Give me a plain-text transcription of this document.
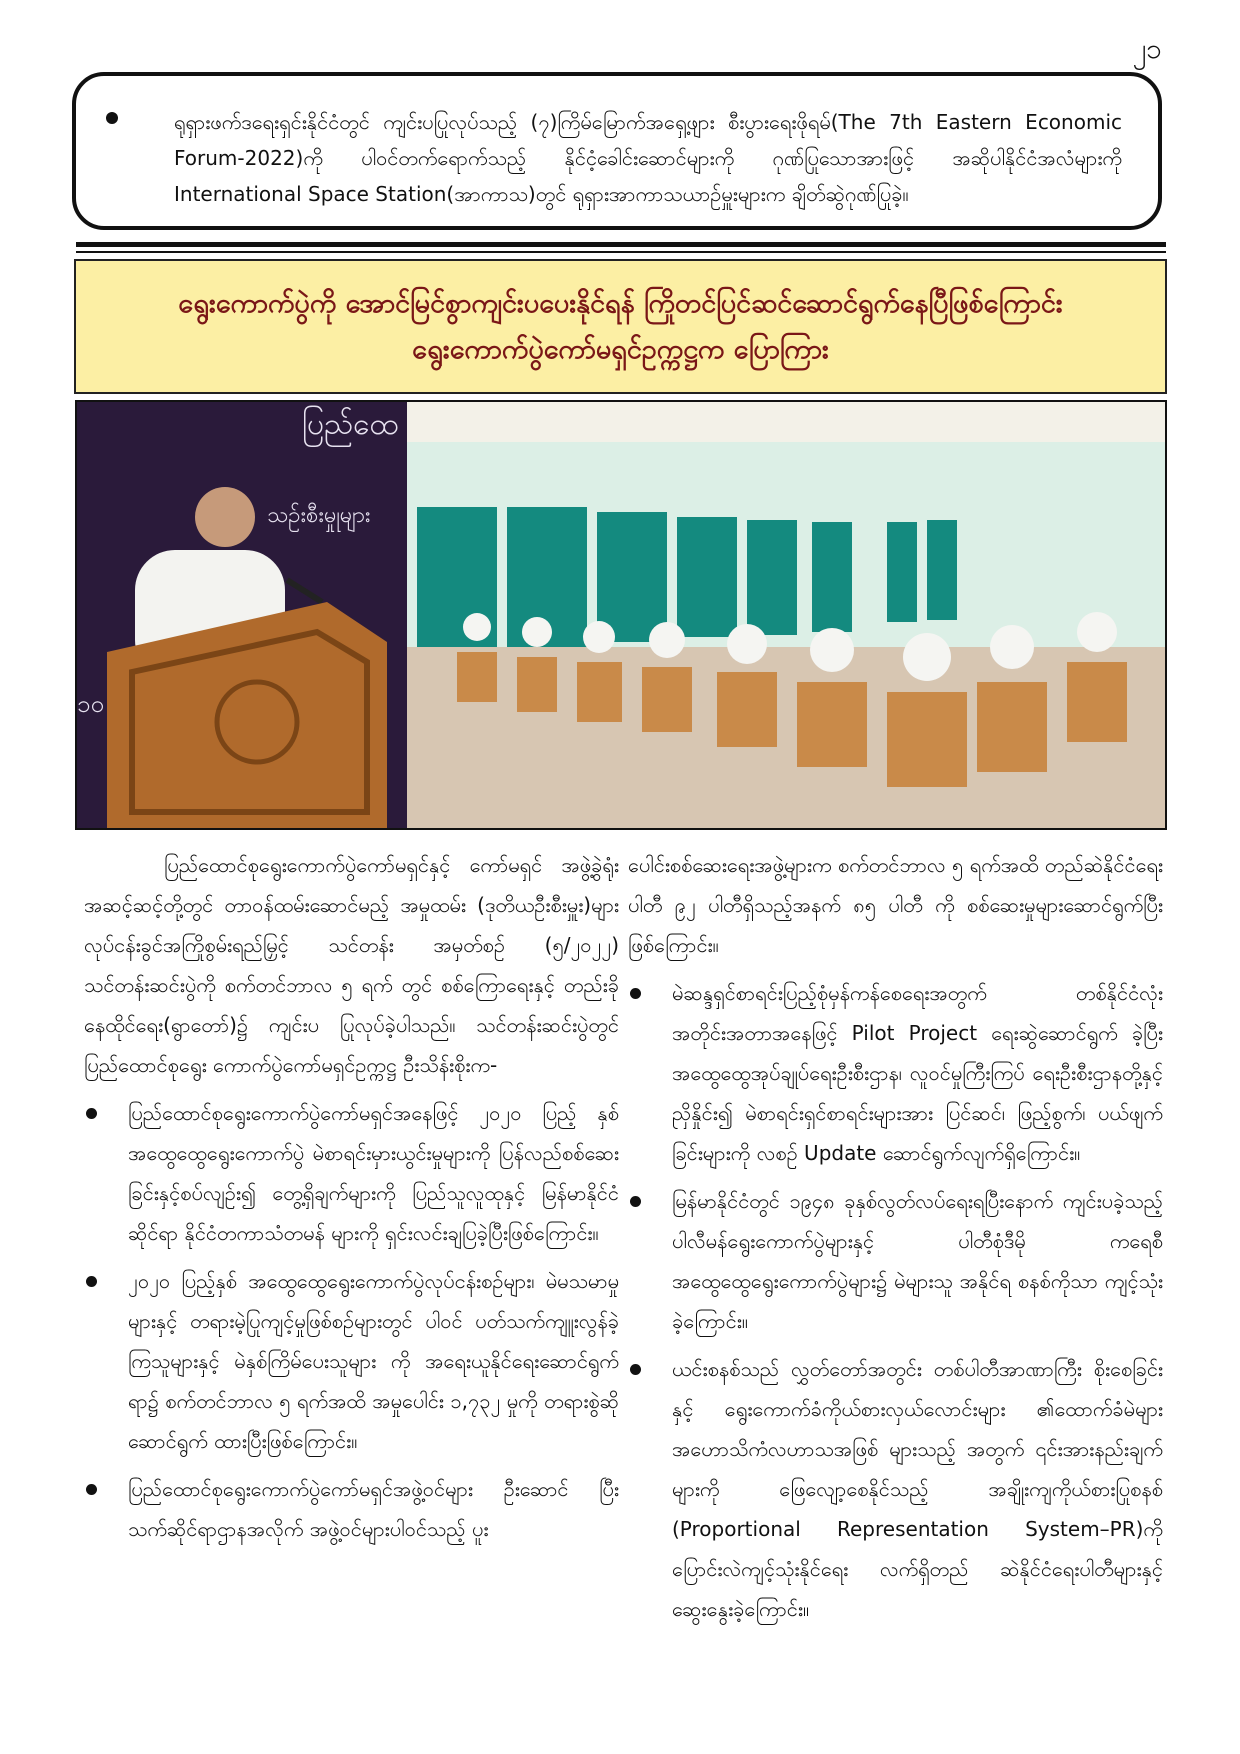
၂၁

ရုရှားဖက်ဒရေးရှင်းနိုင်ငံတွင် ကျင်းပပြုလုပ်သည့် (၇)ကြိမ်မြောက်အရှေ့ဖျား စီးပွားရေးဖိုရမ်(The 7th Eastern Economic Forum-2022)ကို ပါဝင်တက်ရောက်သည့် နိုင်ငံ့ခေါင်းဆောင်များကို ဂုဏ်ပြုသောအားဖြင့် အဆိုပါနိုင်ငံအလံများကို International Space Station(အာကာသ)တွင် ရုရှားအာကာသယာဉ်မှူးများက ချိတ်ဆွဲဂုဏ်ပြုခဲ့။

ရွေးကောက်ပွဲကို အောင်မြင်စွာကျင်းပပေးနိုင်ရန် ကြိုတင်ပြင်ဆင်ဆောင်ရွက်နေပြီဖြစ်ကြောင်း
ရွေးကောက်ပွဲကော်မရှင်ဥက္ကဋ္ဌက ပြောကြား
ပြည်ထေ
သဉ်းစီးမှုုများ
၁၀

ပြည်ထောင်စုရွေးကောက်ပွဲကော်မရှင်နှင့် ကော်မရှင် အဖွဲ့ခွဲရုံးအဆင့်ဆင့်တို့တွင် တာဝန်ထမ်းဆောင်မည့် အမှုထမ်း (ဒုတိယဦးစီးမှူး)များ လုပ်ငန်းခွင်အကြိုစွမ်းရည်မြှင့် သင်တန်း အမှတ်စဉ် (၅/၂၀၂၂) သင်တန်းဆင်းပွဲကို စက်တင်ဘာလ ၅ ရက် တွင် စစ်ကြောရေးနှင့် တည်းခိုနေထိုင်ရေး(ရွာတော်)၌ ကျင်းပ ပြုလုပ်ခဲ့ပါသည်။ သင်တန်းဆင်းပွဲတွင် ပြည်ထောင်စုရွေး ကောက်ပွဲကော်မရှင်ဥက္ကဋ္ဌ ဦးသိန်းစိုးက-

ပြည်ထောင်စုရွေးကောက်ပွဲကော်မရှင်အနေဖြင့် ၂၀၂၀ ပြည့် နှစ် အထွေထွေရွေးကောက်ပွဲ မဲစာရင်းမှားယွင်းမှုများကို ပြန်လည်စစ်ဆေးခြင်းနှင့်စပ်လျဉ်း၍ တွေ့ရှိချက်များကို ပြည်သူလူထုနှင့် မြန်မာနိုင်ငံဆိုင်ရာ နိုင်ငံတကာသံတမန် များကို ရှင်းလင်းချပြခဲ့ပြီးဖြစ်ကြောင်း။
၂၀၂၀ ပြည့်နှစ် အထွေထွေရွေးကောက်ပွဲလုပ်ငန်းစဉ်များ၊ မဲမသမာမှုများနှင့် တရားမဲ့ပြုကျင့်မှုဖြစ်စဉ်များတွင် ပါဝင် ပတ်သက်ကျူးလွန်ခဲ့ကြသူများနှင့် မဲနှစ်ကြိမ်ပေးသူများ ကို အရေးယူနိုင်ရေးဆောင်ရွက်ရာ၌ စက်တင်ဘာလ ၅ ရက်အထိ အမှုပေါင်း ၁,၇၃၂ မှုကို တရားစွဲဆိုဆောင်ရွက် ထားပြီးဖြစ်ကြောင်း။
ပြည်ထောင်စုရွေးကောက်ပွဲကော်မရှင်အဖွဲ့ဝင်များ ဦးဆောင် ပြီး သက်ဆိုင်ရာဌာနအလိုက် အဖွဲ့ဝင်များပါဝင်သည့် ပူး

ပေါင်းစစ်ဆေးရေးအဖွဲ့များက စက်တင်ဘာလ ၅ ရက်အထိ တည်ဆဲနိုင်ငံရေးပါတီ ၉၂ ပါတီရှိသည့်အနက် ၈၅ ပါတီ ကို စစ်ဆေးမှုများဆောင်ရွက်ပြီးဖြစ်ကြောင်း။

မဲဆန္ဒရှင်စာရင်းပြည့်စုံမှန်ကန်စေရေးအတွက် တစ်နိုင်ငံလုံး အတိုင်းအတာအနေဖြင့် Pilot Project ရေးဆွဲဆောင်ရွက် ခဲ့ပြီး အထွေထွေအုပ်ချုပ်ရေးဦးစီးဌာန၊ လူဝင်မှုကြီးကြပ် ရေးဦးစီးဌာနတို့နှင့်ညှိနှိုင်း၍ မဲစာရင်းရှင်စာရင်းများအား ပြင်ဆင်၊ ဖြည့်စွက်၊ ပယ်ဖျက်ခြင်းများကို လစဉ် Update ဆောင်ရွက်လျက်ရှိကြောင်း။
မြန်မာနိုင်ငံတွင် ၁၉၄၈ ခုနှစ်လွတ်လပ်ရေးရပြီးနောက် ကျင်းပခဲ့သည့် ပါလီမန်ရွေးကောက်ပွဲများနှင့် ပါတီစုံဒီမို ကရေစီအထွေထွေရွေးကောက်ပွဲများ၌ မဲများသူ အနိုင်ရ စနစ်ကိုသာ ကျင့်သုံးခဲ့ကြောင်း။
ယင်းစနစ်သည် လွှတ်တော်အတွင်း တစ်ပါတီအာဏာကြီး စိုးစေခြင်းနှင့် ရွေးကောက်ခံကိုယ်စားလှယ်လောင်းများ ၏ထောက်ခံမဲများ အဟောသိကံလဟာသအဖြစ် များသည့် အတွက် ၎င်းအားနည်းချက်များကို ဖြေလျော့စေနိုင်သည့် အချိုးကျကိုယ်စားပြုစနစ် (Proportional Representation System–PR)ကို ပြောင်းလဲကျင့်သုံးနိုင်ရေး လက်ရှိတည် ဆဲနိုင်ငံရေးပါတီများနှင့် ဆွေးနွေးခဲ့ကြောင်း။
